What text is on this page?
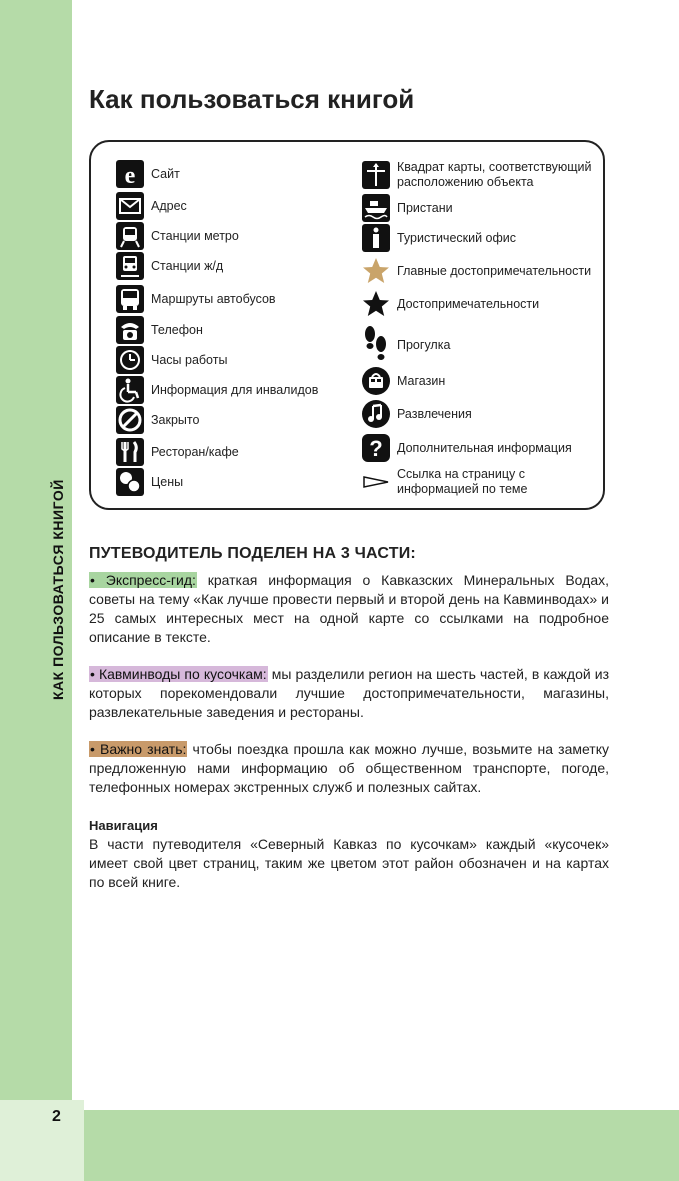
КАК ПОЛЬЗОВАТЬСЯ КНИГОЙ
2
Как пользоваться книгой
e Сайт
Адрес
Станции метро
Станции ж/д
Маршруты автобусов
Телефон
Часы работы
Информация для инвалидов
Закрыто
Ресторан/кафе
Цены
Квадрат карты, соответствующий расположению объекта
Пристани
Туристический офис
Главные достопримечательности
Достопримечательности
Прогулка
Магазин
Развлечения
? Дополнительная информация
Ссылка на страницу с информацией по теме
ПУТЕВОДИТЕЛЬ ПОДЕЛЕН НА 3 ЧАСТИ:

• Экспресс-гид: краткая информация о Кавказских Минеральных Водах, советы на тему «Как лучше провести первый и второй день на Кавминводах» и 25 самых интересных мест на одной карте со ссылками на подробное описание в тексте.

• Кавминводы по кусочкам: мы разделили регион на шесть частей, в каждой из которых порекомендовали лучшие достопримечательности, магазины, развлекательные заведения и рестораны.

• Важно знать: чтобы поездка прошла как можно лучше, возьмите на заметку предложенную нами информацию об общественном транспорте, погоде, телефонных номерах экстренных служб и полезных сайтах.

Навигация

В части путеводителя «Северный Кавказ по кусочкам» каждый «кусочек» имеет свой цвет страниц, таким же цветом этот район обозначен и на картах по всей книге.
